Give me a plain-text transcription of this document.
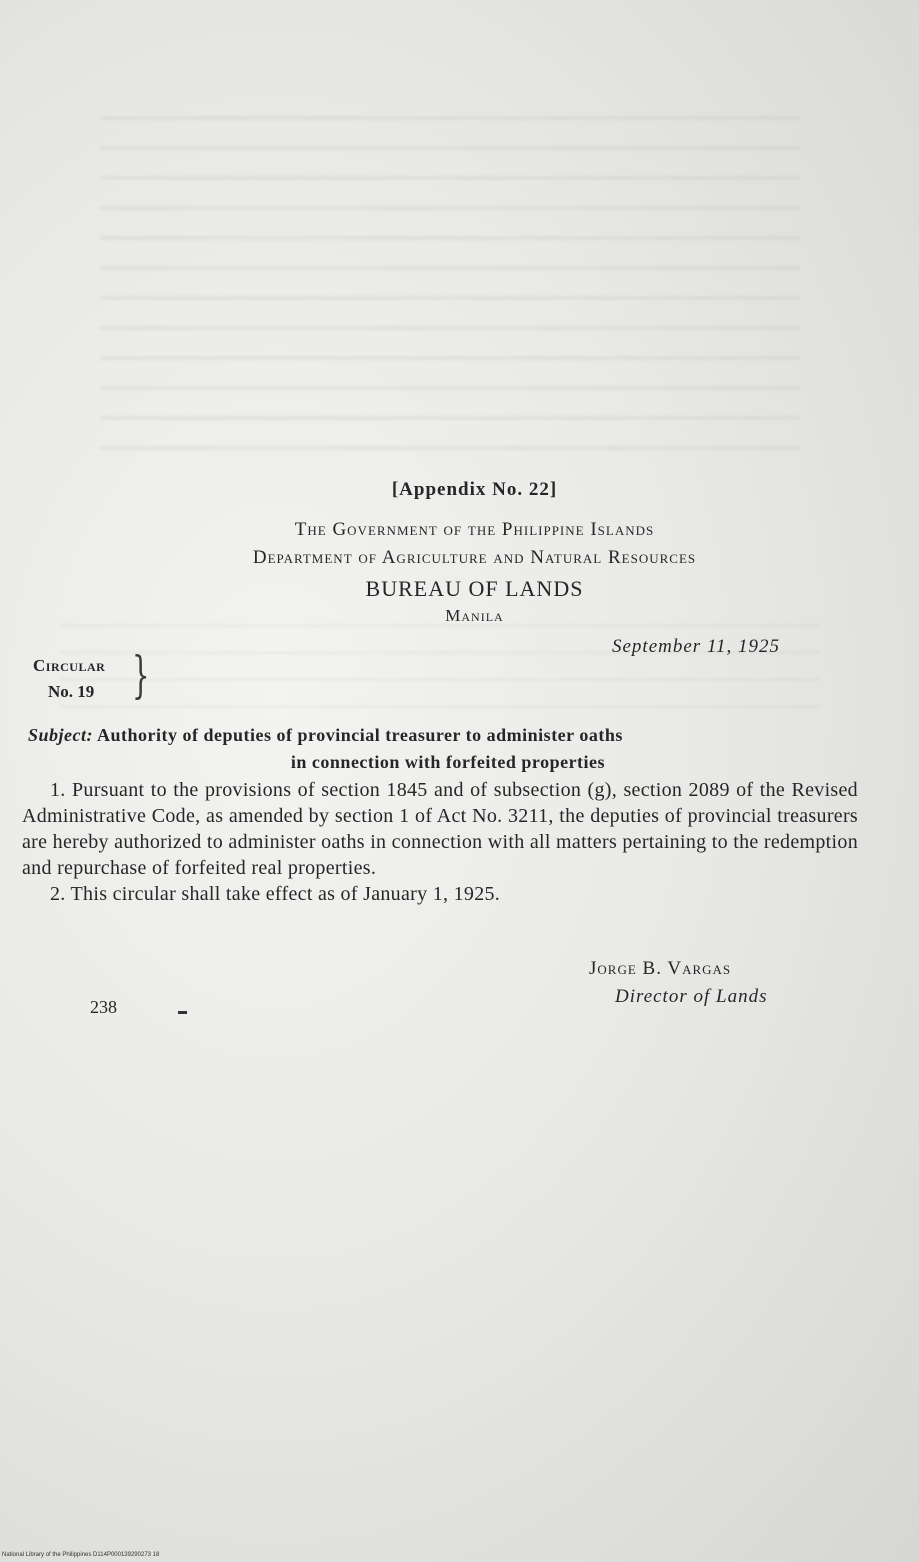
[Appendix No. 22]
The Government of the Philippine Islands
Department of Agriculture and Natural Resources
BUREAU OF LANDS
Manila
September 11, 1925
Circular
No. 19 }
Subject: Authority of deputies of provincial treasurer to administer oaths
in connection with forfeited properties

1. Pursuant to the provisions of section 1845 and of subsection (g), section 2089 of the Revised Administrative Code, as amended by section 1 of Act No. 3211, the deputies of provincial treasurers are hereby authorized to administer oaths in connection with all matters pertaining to the redemption and repurchase of forfeited real properties.

2. This circular shall take effect as of January 1, 1925.

Jorge B. Vargas
Director of Lands
238
National Library of the Philippines D114P000139290273 18
